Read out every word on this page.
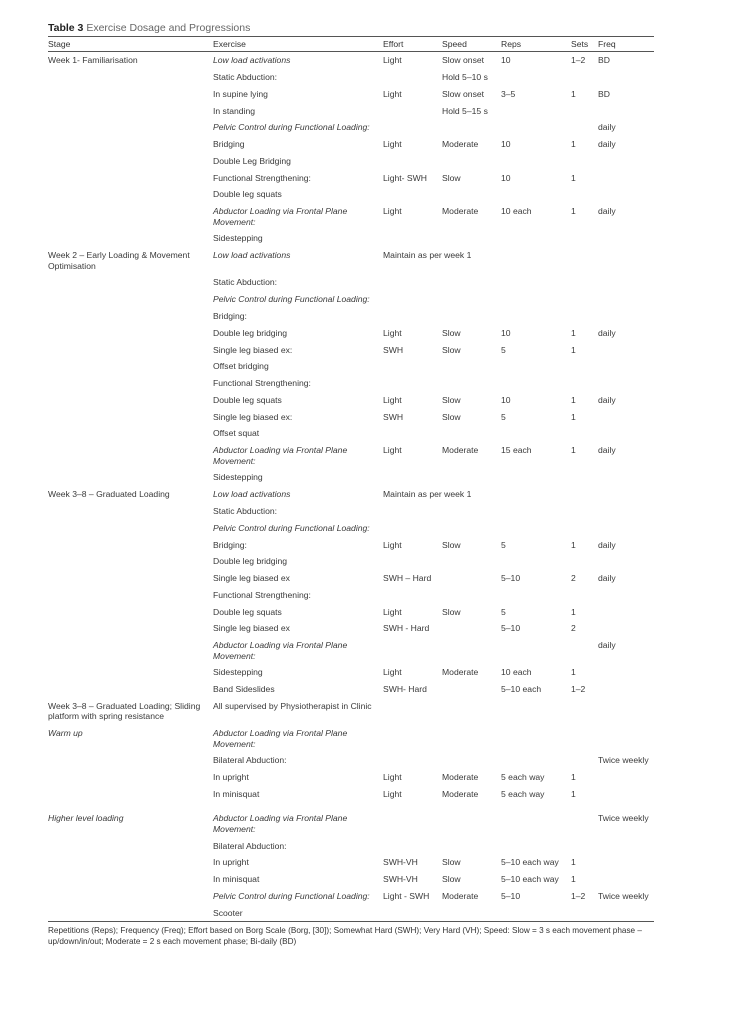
Table 3 Exercise Dosage and Progressions
Stage	Exercise	Effort	Speed	Reps	Sets	Freq
Week 1- Familiarisation	Low load activations	Light	Slow onset	10	1–2	BD
	Static Abduction:		Hold 5–10 s			
	In supine lying	Light	Slow onset	3–5	1	BD
	In standing		Hold 5–15 s			
	Pelvic Control during Functional Loading:					daily
	Bridging	Light	Moderate	10	1	daily
	Double Leg Bridging					
	Functional Strengthening:	Light- SWH	Slow	10	1	
	Double leg squats					
	Abductor Loading via Frontal Plane Movement:	Light	Moderate	10 each	1	daily
	Sidestepping					
Week 2 – Early Loading & Movement Optimisation	Low load activations	Maintain as per week 1				
	Static Abduction:					
	Pelvic Control during Functional Loading:					
	Bridging:					
	Double leg bridging	Light	Slow	10	1	daily
	Single leg biased ex:	SWH	Slow	5	1	
	Offset bridging					
	Functional Strengthening:					
	Double leg squats	Light	Slow	10	1	daily
	Single leg biased ex:	SWH	Slow	5	1	
	Offset squat					
	Abductor Loading via Frontal Plane Movement:	Light	Moderate	15 each	1	daily
	Sidestepping					
Week 3–8 – Graduated Loading	Low load activations	Maintain as per week 1				
	Static Abduction:					
	Pelvic Control during Functional Loading:					
	Bridging:	Light	Slow	5	1	daily
	Double leg bridging					
	Single leg biased ex	SWH – Hard		5–10	2	daily
	Functional Strengthening:					
	Double leg squats	Light	Slow	5	1	
	Single leg biased ex	SWH - Hard		5–10	2	
	Abductor Loading via Frontal Plane Movement:					daily
	Sidestepping	Light	Moderate	10 each	1	
	Band Sideslides	SWH- Hard		5–10 each	1–2	
Week 3–8 – Graduated Loading; Sliding platform with spring resistance	All supervised by Physiotherapist in Clinic					
Warm up	Abductor Loading via Frontal Plane Movement:					
	Bilateral Abduction:					Twice weekly
	In upright	Light	Moderate	5 each way	1	
	In minisquat	Light	Moderate	5 each way	1	
Higher level loading	Abductor Loading via Frontal Plane Movement:					Twice weekly
	Bilateral Abduction:					
	In upright	SWH-VH	Slow	5–10 each way	1	
	In minisquat	SWH-VH	Slow	5–10 each way	1	
	Pelvic Control during Functional Loading:	Light - SWH	Moderate	5–10	1–2	Twice weekly
	Scooter					
Repetitions (Reps); Frequency (Freq); Effort based on Borg Scale (Borg, [30]); Somewhat Hard (SWH); Very Hard (VH); Speed: Slow = 3 s each movement phase – up/down/in/out; Moderate = 2 s each movement phase; Bi-daily (BD)
